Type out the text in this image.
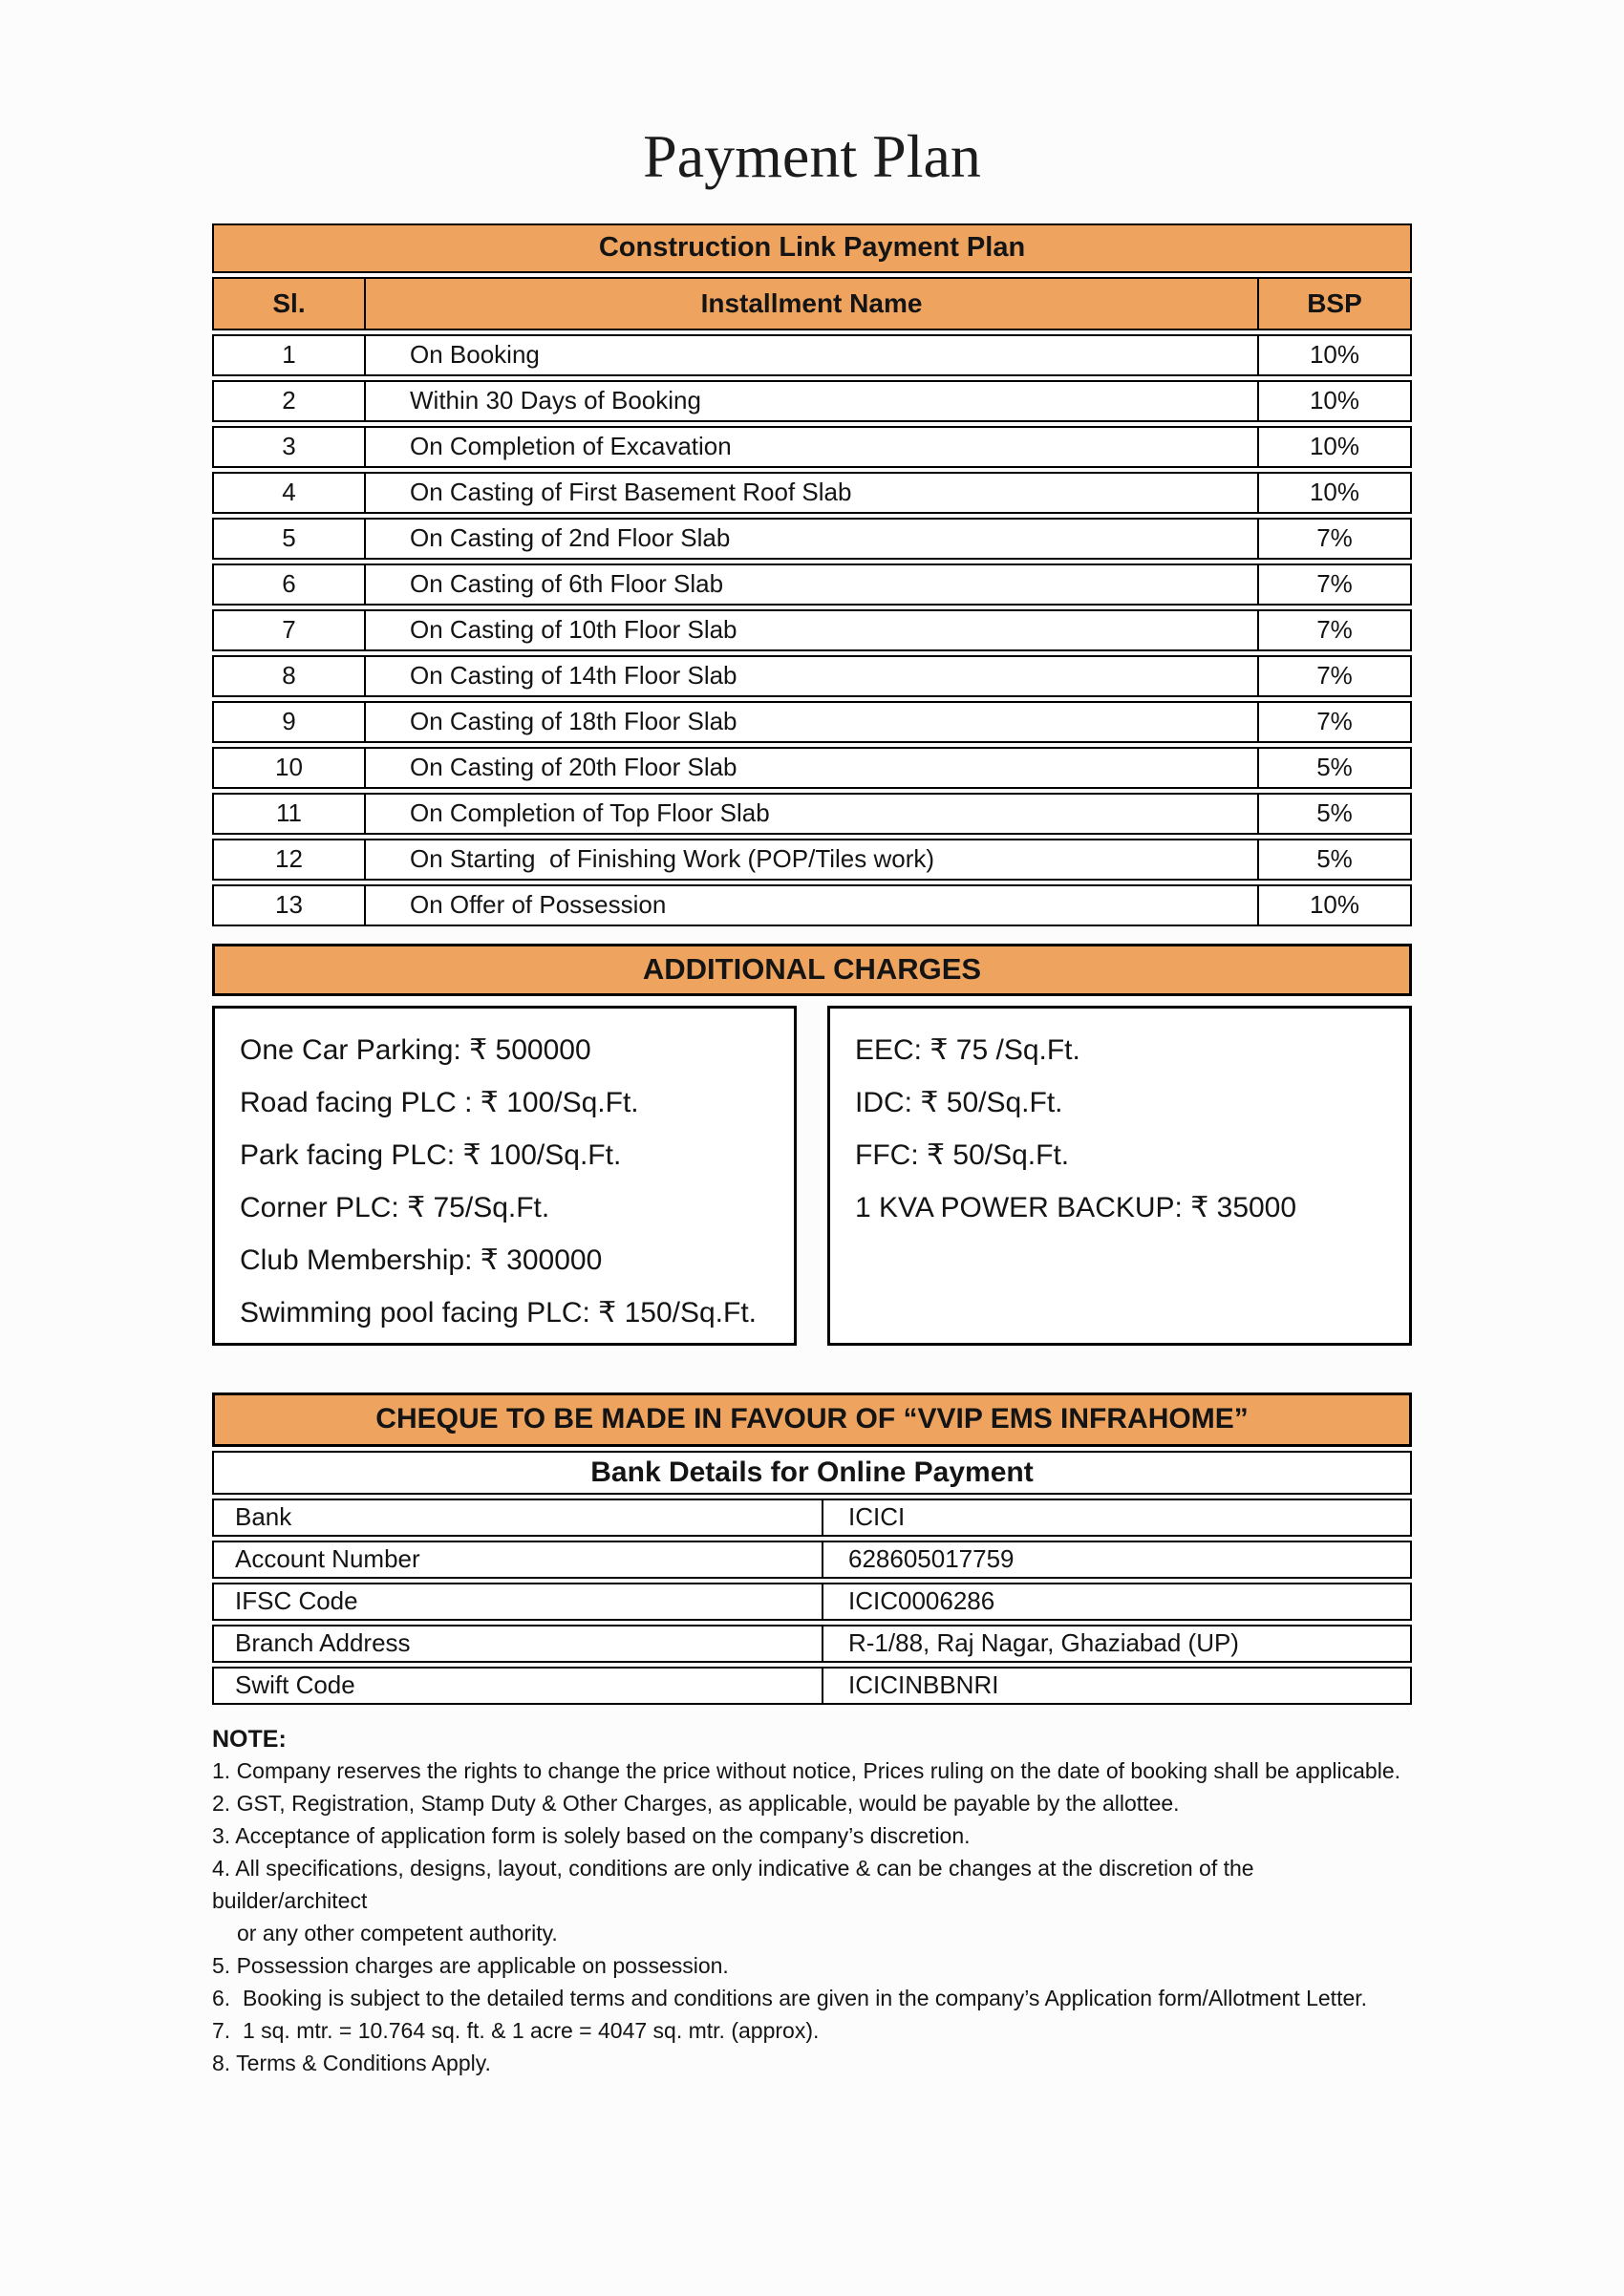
Payment Plan
Construction Link Payment Plan		
Sl.	Installment Name	BSP
1	On Booking	10%
2	Within 30 Days of Booking	10%
3	On Completion of Excavation	10%
4	On Casting of First Basement Roof Slab	10%
5	On Casting of 2nd Floor Slab	7%
6	On Casting of 6th Floor Slab	7%
7	On Casting of 10th Floor Slab	7%
8	On Casting of 14th Floor Slab	7%
9	On Casting of 18th Floor Slab	7%
10	On Casting of 20th Floor Slab	5%
11	On Completion of Top Floor Slab	5%
12	On Starting  of Finishing Work (POP/Tiles work)	5%
13	On Offer of Possession	10%
ADDITIONAL CHARGES
One Car Parking: ₹ 500000
Road facing PLC : ₹ 100/Sq.Ft.
Park facing PLC: ₹ 100/Sq.Ft.
Corner PLC: ₹ 75/Sq.Ft.
Club Membership: ₹ 300000
Swimming pool facing PLC: ₹ 150/Sq.Ft.
EEC: ₹ 75 /Sq.Ft.
IDC: ₹ 50/Sq.Ft.
FFC: ₹ 50/Sq.Ft.
1 KVA POWER BACKUP: ₹ 35000
CHEQUE TO BE MADE IN FAVOUR OF “VVIP EMS INFRAHOME”
Bank Details for Online Payment	
Bank	ICICI
Account Number	628605017759
IFSC Code	ICIC0006286
Branch Address	R-1/88, Raj Nagar, Ghaziabad (UP)
Swift Code	ICICINBBNRI
NOTE:
1. Company reserves the rights to change the price without notice, Prices ruling on the date of booking shall be applicable.
2. GST, Registration, Stamp Duty & Other Charges, as applicable, would be payable by the allottee.
3. Acceptance of application form is solely based on the company’s discretion.
4. All specifications, designs, layout, conditions are only indicative & can be changes at the discretion of the builder/architect
or any other competent authority.
5. Possession charges are applicable on possession.
6.  Booking is subject to the detailed terms and conditions are given in the company’s Application form/Allotment Letter.
7.  1 sq. mtr. = 10.764 sq. ft. & 1 acre = 4047 sq. mtr. (approx).
8. Terms & Conditions Apply.
